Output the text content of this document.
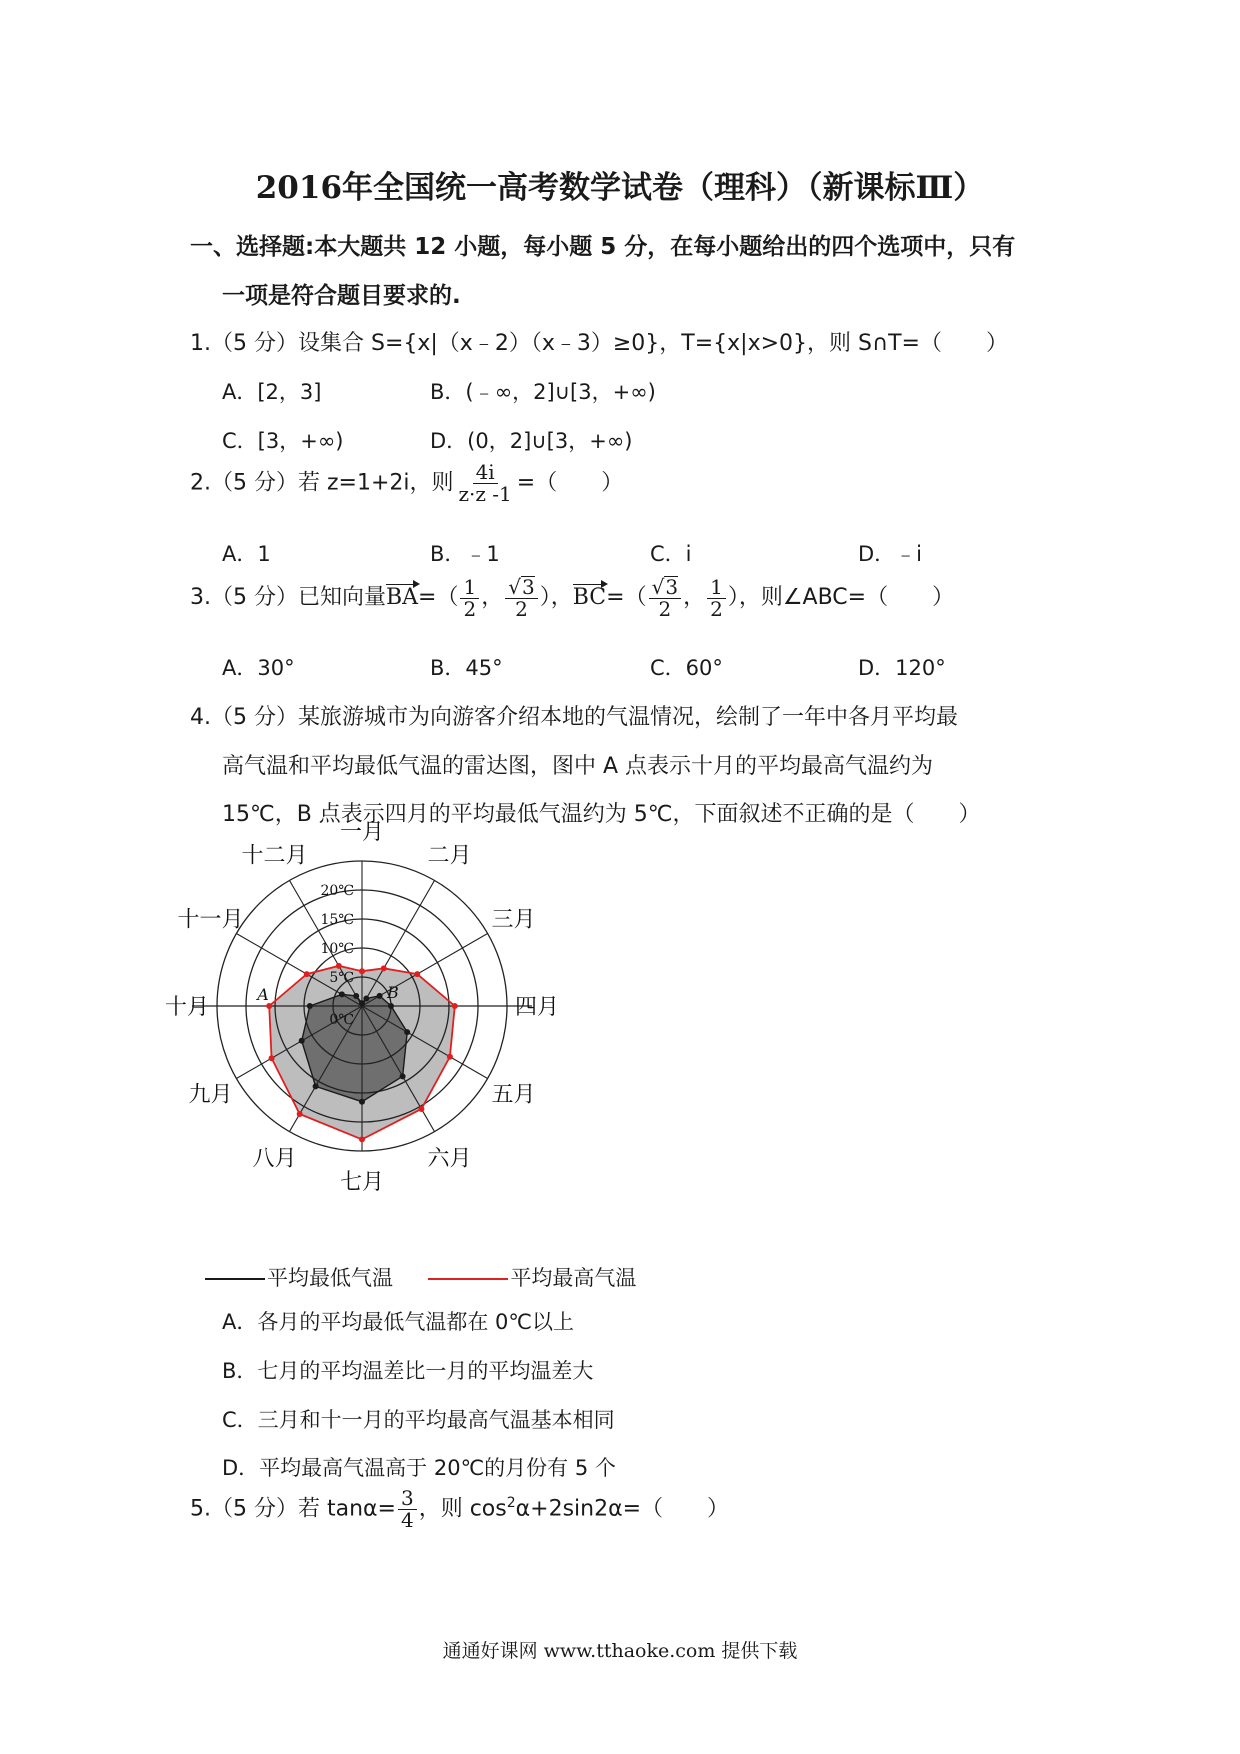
2016年全国统一高考数学试卷（理科）（新课标Ⅲ）
一、选择题:本大题共 12 小题，每小题 5 分，在每小题给出的四个选项中，只有
一项是符合题目要求的.
1.（5 分）设集合 S={x|（x﹣2）（x﹣3）≥0}，T={x|x>0}，则 S∩T=（　　）
A．[2，3]	B．(﹣∞，2]∪[3，+∞)
C．[3，+∞)	D．(0，2]∪[3，+∞)
2.（5 分）若 z=1+2i，则 $\frac{4i}{z\cdot z -1}$ =（　　）
A．1	B．﹣1	C．i	D．﹣i
3.（5 分）已知向量$BA=( \frac{1}{2}$ ， $\frac{√3}{2}$ ），$BC=( \frac{√3}{2}$ ， $\frac{1}{2}$ ），则∠ABC=（　　）
A．30°	B．45°	C．60°	D．120°
4.（5 分）某旅游城市为向游客介绍本地的气温情况，绘制了一年中各月平均最
高气温和平均最低气温的雷达图，图中 A 点表示十月的平均最高气温约为
15℃，B 点表示四月的平均最低气温约为 5℃，下面叙述不正确的是（　　）
0℃
5℃
10℃
15℃
20℃
一月
二月
三月
四月
五月
六月
七月
八月
九月
十月
十一月
十二月
A	B
平均最低气温	平均最高气温
A．各月的平均最低气温都在 0℃以上
B．七月的平均温差比一月的平均温差大
C．三月和十一月的平均最高气温基本相同
D．平均最高气温高于 20℃的月份有 5 个
5.（5 分）若 $\tan\alpha= \frac{3}{4}$ ，则 $\cos^2\alpha+2\sin 2\alpha=$（　　）
通通好课网 www.tthaoke.com 提供下载
